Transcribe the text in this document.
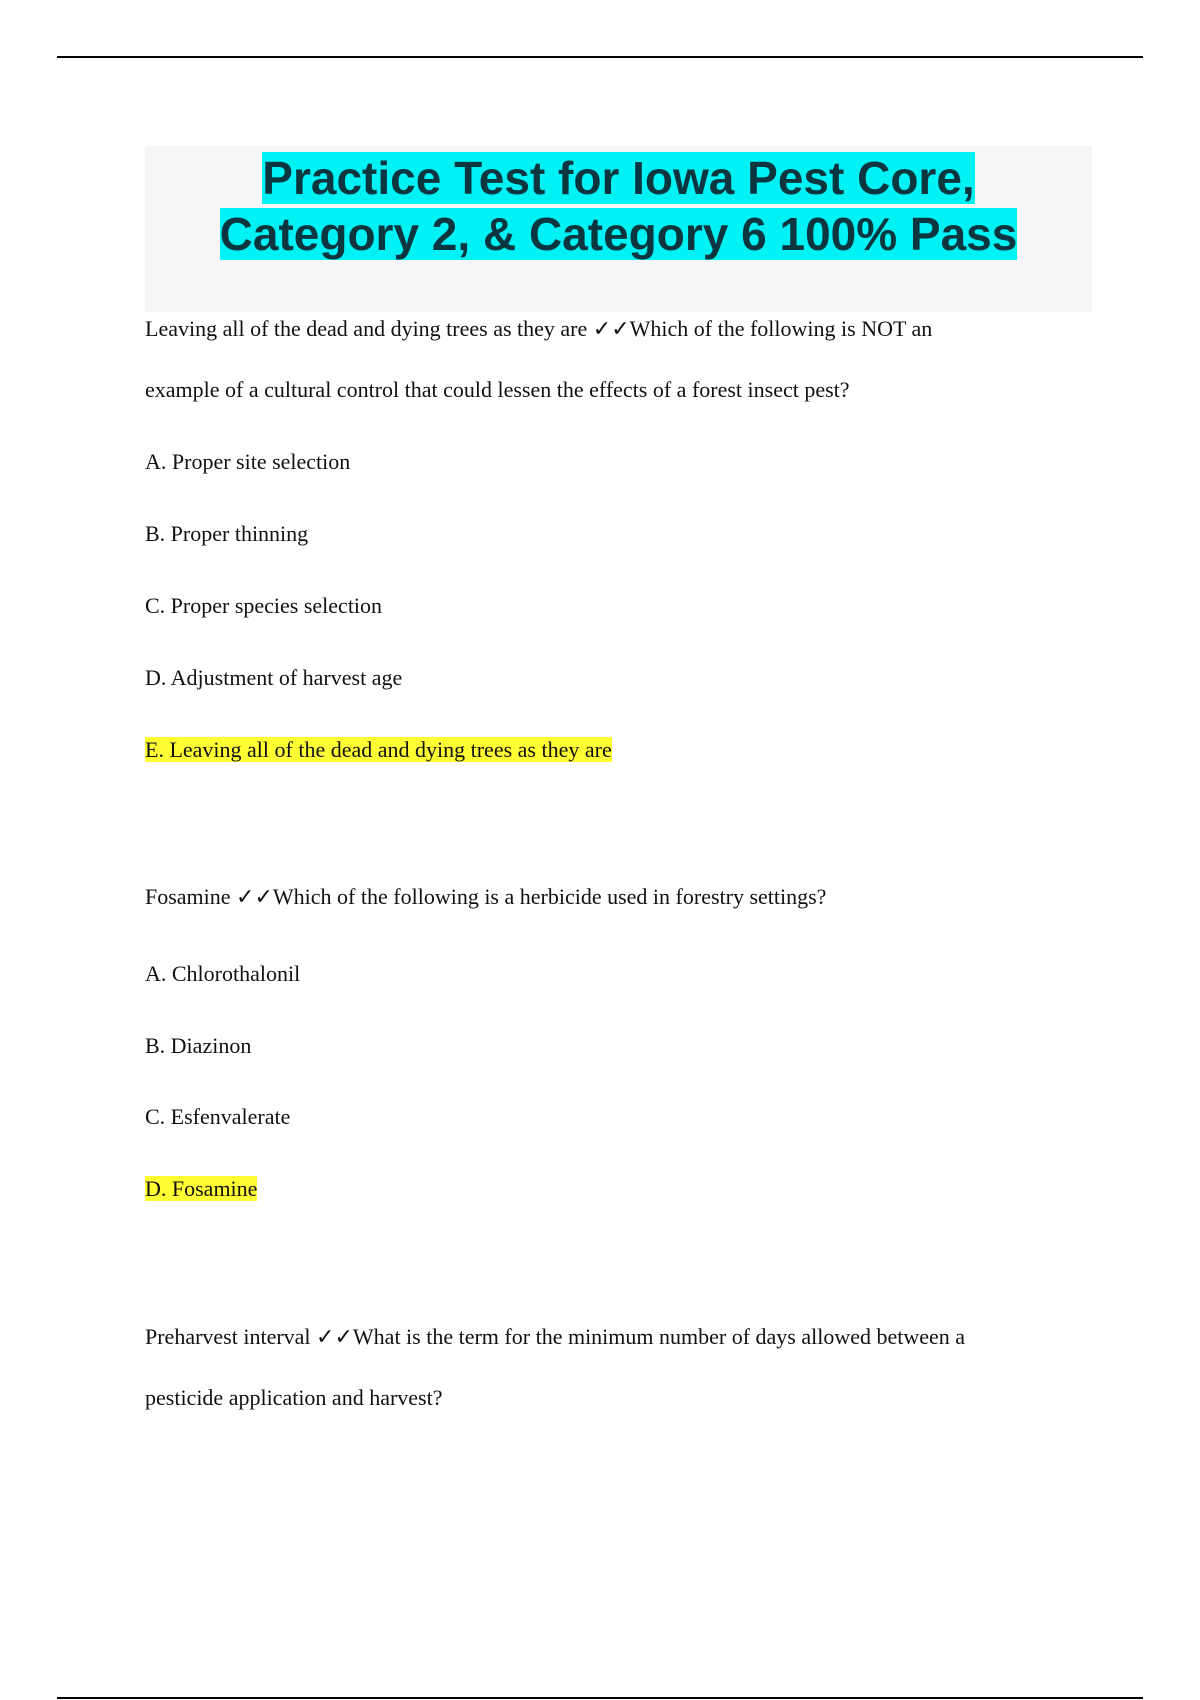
Practice Test for Iowa Pest Core,
Category 2, & Category 6 100% Pass
Leaving all of the dead and dying trees as they are ✓✓Which of the following is NOT an
example of a cultural control that could lessen the effects of a forest insect pest?
A. Proper site selection
B. Proper thinning
C. Proper species selection
D. Adjustment of harvest age
E. Leaving all of the dead and dying trees as they are
Fosamine ✓✓Which of the following is a herbicide used in forestry settings?
A. Chlorothalonil
B. Diazinon
C. Esfenvalerate
D. Fosamine
Preharvest interval ✓✓What is the term for the minimum number of days allowed between a
pesticide application and harvest?
